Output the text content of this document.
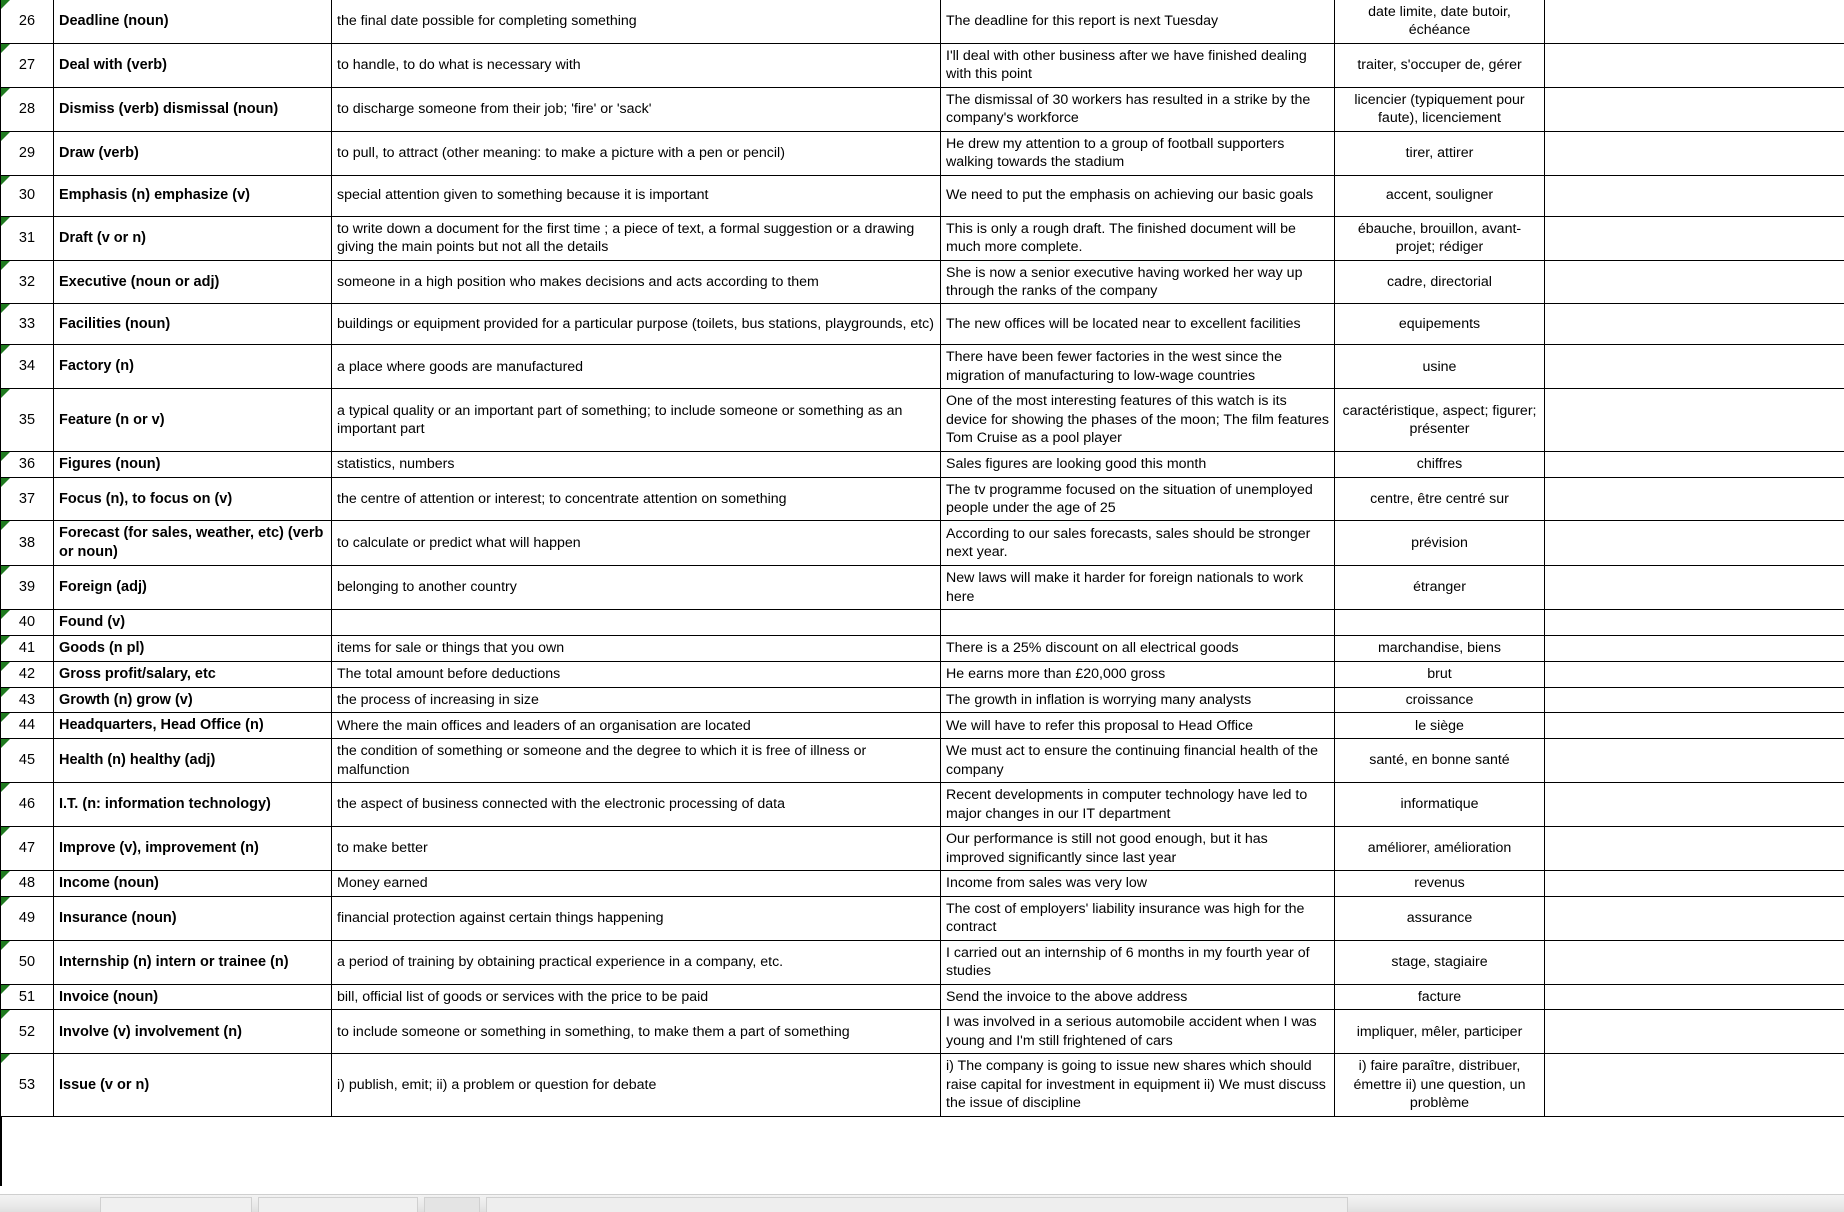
26	Deadline (noun)	the final date possible for completing something	The deadline for this report is next Tuesday	date limite, date butoir, échéance	

27	Deal with (verb)	to handle, to do what is necessary with	I'll deal with other business after we have finished dealing with this point	traiter, s'occuper de, gérer	

28	Dismiss (verb) dismissal (noun)	to discharge someone from their job; 'fire' or 'sack'	The dismissal of 30 workers has resulted in a strike by the company's workforce	licencier (typiquement pour faute), licenciement	

29	Draw (verb)	to pull, to attract (other meaning: to make a picture with a pen or pencil)	He drew my attention to a group of football supporters walking towards the stadium	tirer, attirer	

30	Emphasis (n) emphasize (v)	special attention given to something because it is important	We need to put the emphasis on achieving our basic goals	accent, souligner	

31	Draft (v or n)	to write down a document for the first time ; a piece of text, a formal suggestion or a drawing giving the main points but not all the details	This is only a rough draft. The finished document will be much more complete.	ébauche, brouillon, avant-projet; rédiger	

32	Executive (noun or adj)	someone in a high position who makes decisions and acts according to them	She is now a senior executive having worked her way up through the ranks of the company	cadre, directorial	

33	Facilities (noun)	buildings or equipment provided for a particular purpose (toilets, bus stations, playgrounds, etc)	The new offices will be located near to excellent facilities	equipements	

34	Factory (n)	a place where goods are manufactured	There have been fewer factories in the west since the migration of manufacturing to low-wage countries	usine	

35	Feature (n or v)	a typical quality or an important part of something; to include someone or something as an important part	One of the most interesting features of this watch is its device for showing the phases of the moon; The film features Tom Cruise as a pool player	caractéristique, aspect; figurer; présenter	

36	Figures (noun)	statistics, numbers	Sales figures are looking good this month	chiffres	

37	Focus (n), to focus on (v)	the centre of attention or interest; to concentrate attention on something	The tv programme focused on the situation of unemployed people under the age of 25	centre, être centré sur	

38	Forecast (for sales, weather, etc) (verb or noun)	to calculate or predict what will happen	According to our sales forecasts, sales should be stronger next year.	prévision	

39	Foreign (adj)	belonging to another country	New laws will make it harder for foreign nationals to work here	étranger	

40	Found (v)				

41	Goods (n pl)	items for sale or things that you own	There is a 25% discount on all electrical goods	marchandise, biens	

42	Gross profit/salary, etc	The total amount before deductions	He earns more than £20,000 gross	brut	

43	Growth (n) grow (v)	the process of increasing in size	The growth in inflation is worrying many analysts	croissance	

44	Headquarters, Head Office (n)	Where the main offices and leaders of an organisation are located	We will have to refer this proposal to Head Office	le siège	

45	Health (n) healthy (adj)	the condition of something or someone and the degree to which it is free of illness or malfunction	We must act to ensure the continuing financial health of the company	santé, en bonne santé	

46	I.T. (n: information technology)	the aspect of business connected with the electronic processing of data	Recent developments in computer technology have led to major changes in our IT department	informatique	

47	Improve (v), improvement (n)	to make better	Our performance is still not good enough, but it has improved significantly since last year	améliorer, amélioration	

48	Income (noun)	Money earned	Income from sales was very low	revenus	

49	Insurance (noun)	financial protection against certain things happening	The cost of employers' liability insurance was high for the contract	assurance	

50	Internship (n) intern or trainee (n)	a period of training by obtaining practical experience in a company, etc.	I carried out an internship of 6 months in my fourth year of studies	stage, stagiaire	

51	Invoice (noun)	bill, official list of goods or services with the price to be paid	Send the invoice to the above address	facture	

52	Involve (v) involvement (n)	to include someone or something in something, to make them a part of something	I was involved in a serious automobile accident when I was young and I'm still frightened of cars	impliquer, mêler, participer	

53	Issue (v or n)	i) publish, emit; ii) a problem or question for debate	i) The company is going to issue new shares which should raise capital for investment in equipment ii) We must discuss the issue of discipline	i) faire paraître, distribuer, émettre ii) une question, un problème	
